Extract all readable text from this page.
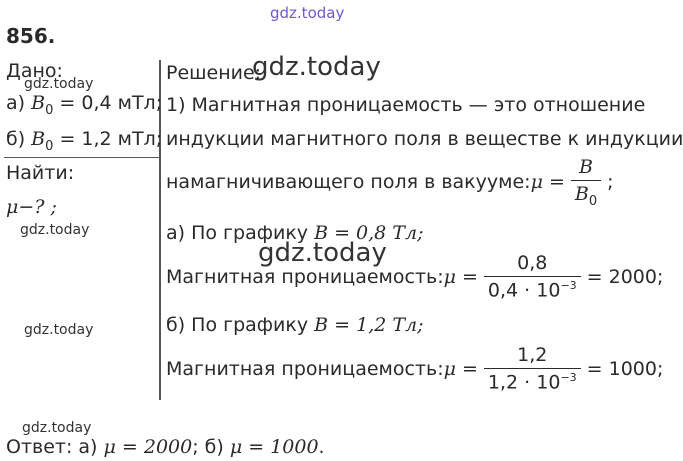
gdz.today
gdz.today
gdz.today
gdz.today
gdz.today
gdz.today
gdz.today
856.
Дано:
а) $B_0 = 0,4$ мТл;
б) $B_0 = 1,2$ мТл;
Найти:
μ−? ;
Решение:
1) Магнитная проницаемость — это отношение
индукции магнитного поля в веществе к индукции
намагничивающего поля в вакууме: $\mu = \frac{B}{B_0}$ ;
а) По графику B = 0,8 Тл;
Магнитная проницаемость: $\mu = \frac{0,8}{0,4 \cdot 10^{-3}} = 2000$;
б) По графику B = 1,2 Тл;
Магнитная проницаемость: $\mu = \frac{1,2}{1,2 \cdot 10^{-3}} = 1000$;
Ответ: а) μ = 2000; б) μ = 1000.
